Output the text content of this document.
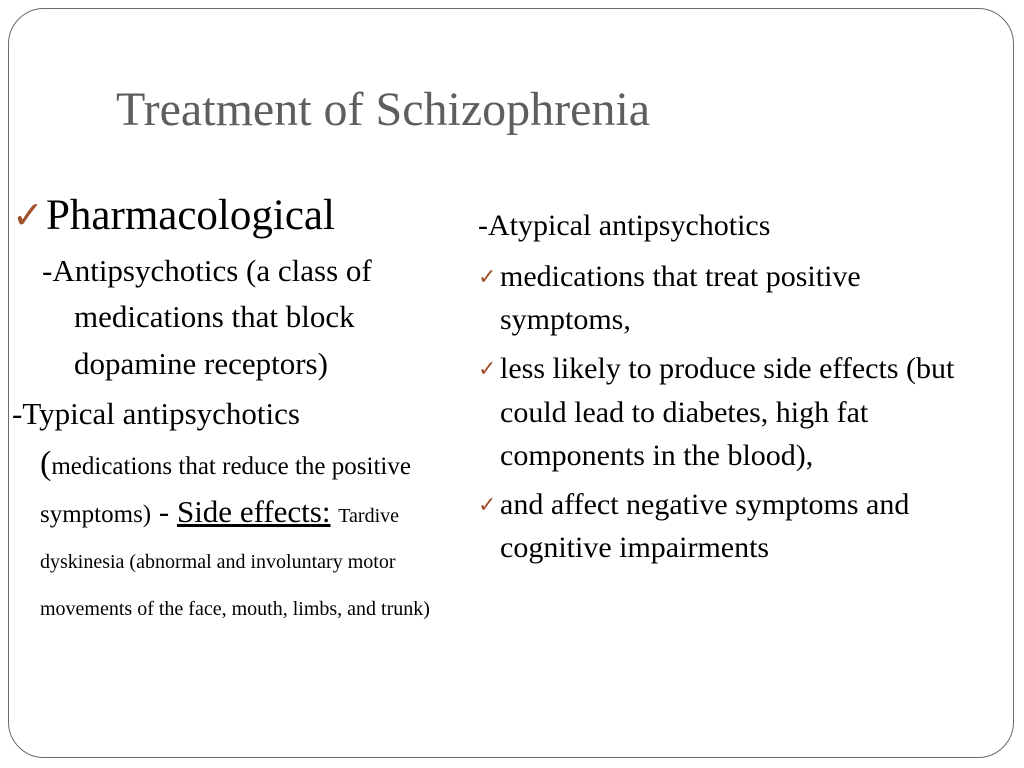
Treatment of Schizophrenia

✓ Pharmacological

-Antipsychotics (a class of medications that block dopamine receptors)

-Typical antipsychotics
(medications that reduce the positive symptoms) - Side effects: Tardive dyskinesia (abnormal and involuntary motor movements of the face, mouth, limbs, and trunk)

-Atypical antipsychotics

✓ medications that treat positive symptoms,

✓ less likely to produce side effects (but could lead to diabetes, high fat components in the blood),

✓ and affect negative symptoms and cognitive impairments
